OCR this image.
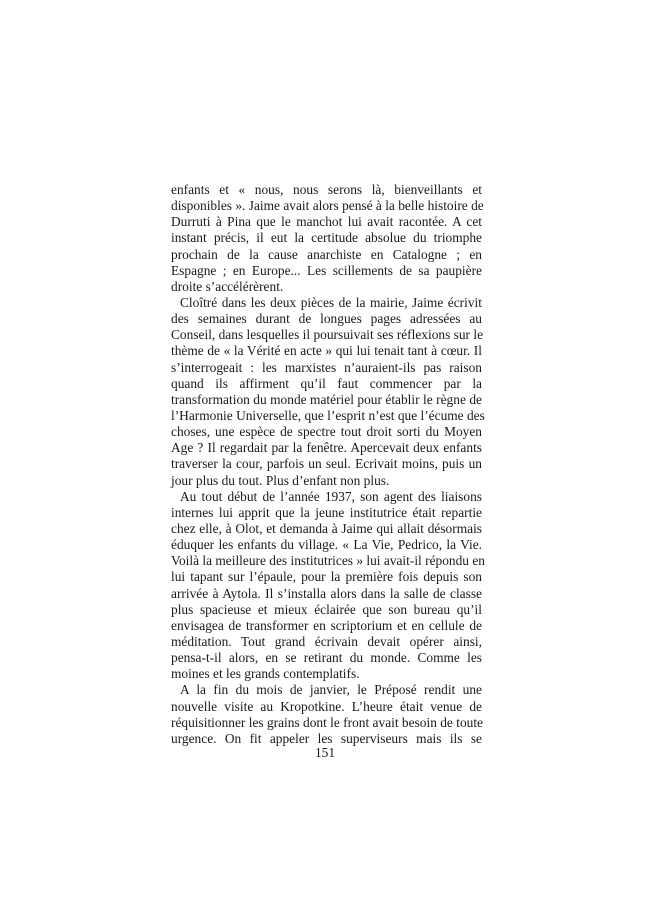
enfants et « nous, nous serons là, bienveillants et
disponibles ». Jaime avait alors pensé à la belle histoire de
Durruti à Pina que le manchot lui avait racontée. A cet
instant précis, il eut la certitude absolue du triomphe
prochain de la cause anarchiste en Catalogne ; en
Espagne ; en Europe... Les scillements de sa paupière
droite s’accélérèrent.

Cloîtré dans les deux pièces de la mairie, Jaime écrivit
des semaines durant de longues pages adressées au
Conseil, dans lesquelles il poursuivait ses réflexions sur le
thème de « la Vérité en acte » qui lui tenait tant à cœur. Il
s’interrogeait : les marxistes n’auraient-ils pas raison
quand ils affirment qu’il faut commencer par la
transformation du monde matériel pour établir le règne de
l’Harmonie Universelle, que l’esprit n’est que l’écume des
choses, une espèce de spectre tout droit sorti du Moyen
Age ? Il regardait par la fenêtre. Apercevait deux enfants
traverser la cour, parfois un seul. Ecrivait moins, puis un
jour plus du tout. Plus d’enfant non plus.

Au tout début de l’année 1937, son agent des liaisons
internes lui apprit que la jeune institutrice était repartie
chez elle, à Olot, et demanda à Jaime qui allait désormais
éduquer les enfants du village. « La Vie, Pedrico, la Vie.
Voilà la meilleure des institutrices » lui avait-il répondu en
lui tapant sur l’épaule, pour la première fois depuis son
arrivée à Aytola. Il s’installa alors dans la salle de classe
plus spacieuse et mieux éclairée que son bureau qu’il
envisagea de transformer en scriptorium et en cellule de
méditation. Tout grand écrivain devait opérer ainsi,
pensa-t-il alors, en se retirant du monde. Comme les
moines et les grands contemplatifs.

A la fin du mois de janvier, le Préposé rendit une
nouvelle visite au Kropotkine. L’heure était venue de
réquisitionner les grains dont le front avait besoin de toute
urgence. On fit appeler les superviseurs mais ils se

151
